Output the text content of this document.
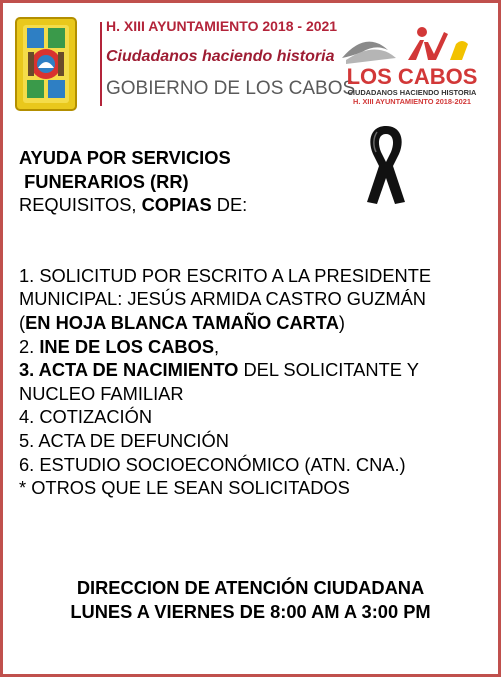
H. XIII AYUNTAMIENTO 2018 - 2021
Ciudadanos haciendo historia
GOBIERNO DE LOS CABOS
LOS CABOS
CIUDADANOS HACIENDO HISTORIA
H. XIII AYUNTAMIENTO 2018-2021

AYUDA POR SERVICIOS

FUNERARIOS (RR)

REQUISITOS, COPIAS DE:

1. SOLICITUD POR ESCRITO A LA PRESIDENTE MUNICIPAL: JESÚS ARMIDA CASTRO GUZMÁN

(EN HOJA BLANCA TAMAÑO CARTA)

2. INE DE LOS CABOS,

3. ACTA DE NACIMIENTO DEL SOLICITANTE Y NUCLEO FAMILIAR

4. COTIZACIÓN

5. ACTA DE DEFUNCIÓN

6. ESTUDIO SOCIOECONÓMICO (ATN. CNA.)

* OTROS QUE LE SEAN SOLICITADOS

DIRECCION DE ATENCIÓN CIUDADANA
LUNES A VIERNES DE 8:00 AM A 3:00 PM
